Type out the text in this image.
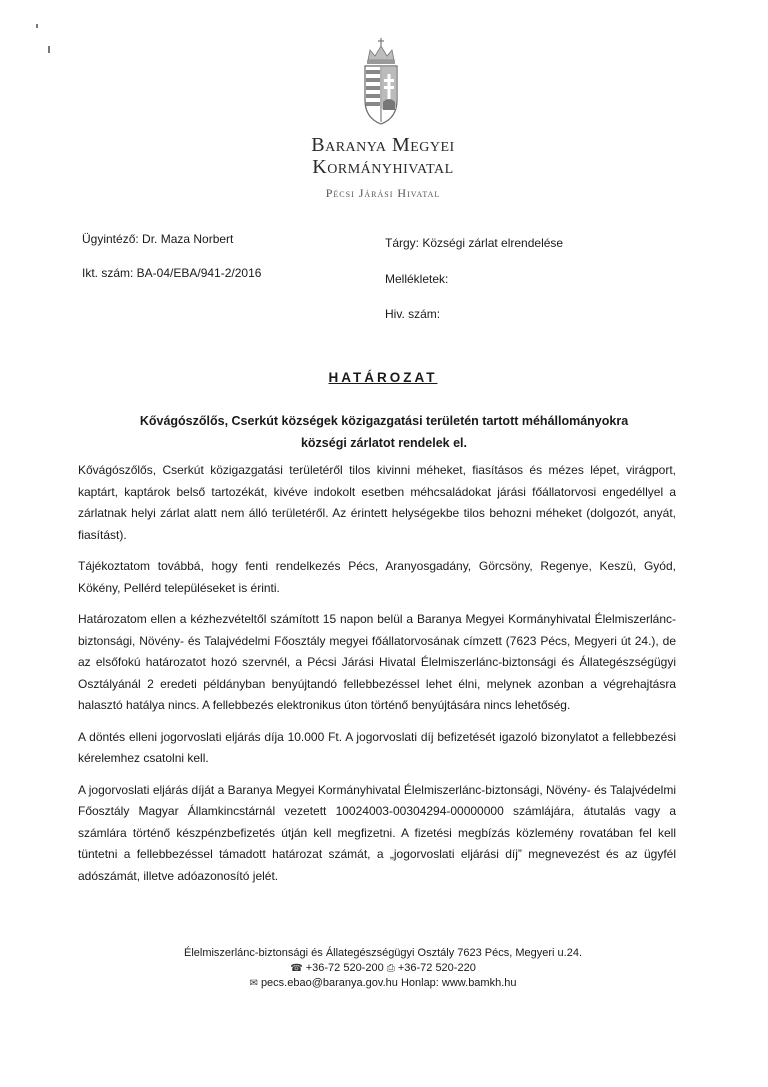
Baranya Megyei
Kormányhivatal
Pécsi Járási Hivatal
Ügyintéző: Dr. Maza Norbert
Ikt. szám: BA-04/EBA/941-2/2016
Tárgy: Községi zárlat elrendelése
Mellékletek:
Hiv. szám:
HATÁROZAT
Kővágószőlős, Cserkút községek közigazgatási területén tartott méhállományokra
községi zárlatot rendelek el.

Kővágószőlős, Cserkút közigazgatási területéről tilos kivinni méheket, fiasításos és mézes lépet, virágport, kaptárt, kaptárok belső tartozékát, kivéve indokolt esetben méhcsaládokat járási főállatorvosi engedéllyel a zárlatnak helyi zárlat alatt nem álló területéről. Az érintett helységekbe tilos behozni méheket (dolgozót, anyát, fiasítást).

Tájékoztatom továbbá, hogy fenti rendelkezés Pécs, Aranyosgadány, Görcsöny, Regenye, Keszü, Gyód, Kökény, Pellérd településeket is érinti.

Határozatom ellen a kézhezvételtől számított 15 napon belül a Baranya Megyei Kormányhivatal Élelmiszerlánc-biztonsági, Növény- és Talajvédelmi Főosztály megyei főállatorvosának címzett (7623 Pécs, Megyeri út 24.), de az elsőfokú határozatot hozó szervnél, a Pécsi Járási Hivatal Élelmiszerlánc-biztonsági és Állategészségügyi Osztályánál 2 eredeti példányban benyújtandó fellebbezéssel lehet élni, melynek azonban a végrehajtásra halasztó hatálya nincs. A fellebbezés elektronikus úton történő benyújtására nincs lehetőség.

A döntés elleni jogorvoslati eljárás díja 10.000 Ft. A jogorvoslati díj befizetését igazoló bizonylatot a fellebbezési kérelemhez csatolni kell.

A jogorvoslati eljárás díját a Baranya Megyei Kormányhivatal Élelmiszerlánc-biztonsági, Növény- és Talajvédelmi Főosztály Magyar Államkincstárnál vezetett 10024003-00304294-00000000 számlájára, átutalás vagy a számlára történő készpénzbefizetés útján kell megfizetni. A fizetési megbízás közlemény rovatában fel kell tüntetni a fellebbezéssel támadott határozat számát, a „jogorvoslati eljárási díj” megnevezést és az ügyfél adószámát, illetve adóazonosító jelét.

Élelmiszerlánc-biztonsági és Állategészségügyi Osztály 7623 Pécs, Megyeri u.24.
☎ +36-72 520-200 ⎙ +36-72 520-220
✉ pecs.ebao@baranya.gov.hu Honlap: www.bamkh.hu
